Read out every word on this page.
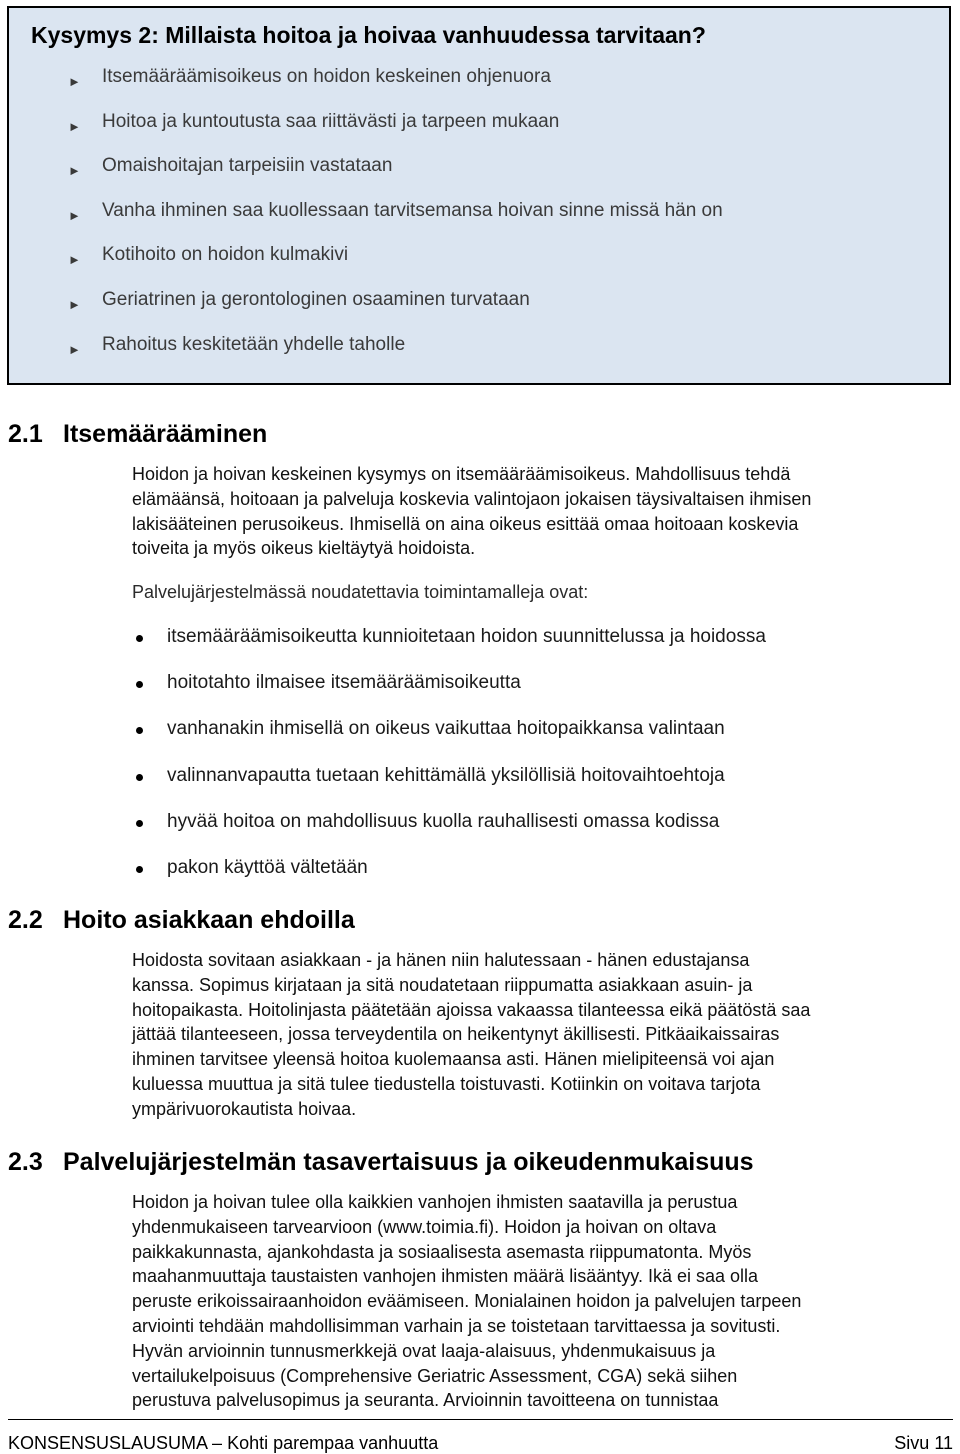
Kysymys 2: Millaista hoitoa ja hoivaa vanhuudessa tarvitaan?
► Itsemääräämisoikeus on hoidon keskeinen ohjenuora
► Hoitoa ja kuntoutusta saa riittävästi ja tarpeen mukaan
► Omaishoitajan tarpeisiin vastataan
► Vanha ihminen saa kuollessaan tarvitsemansa hoivan sinne missä hän on
► Kotihoito on hoidon kulmakivi
► Geriatrinen ja gerontologinen osaaminen turvataan
► Rahoitus keskitetään yhdelle taholle
2.1 Itsemäärääminen

Hoidon ja hoivan keskeinen kysymys on itsemääräämisoikeus. Mahdollisuus tehdä
elämäänsä, hoitoaan ja palveluja koskevia valintojaon jokaisen täysivaltaisen ihmisen
lakisääteinen perusoikeus. Ihmisellä on aina oikeus esittää omaa hoitoaan koskevia
toiveita ja myös oikeus kieltäytyä hoidoista.

Palvelujärjestelmässä noudatettavia toimintamalleja ovat:

itsemääräämisoikeutta kunnioitetaan hoidon suunnittelussa ja hoidossa
hoitotahto ilmaisee itsemääräämisoikeutta
vanhanakin ihmisellä on oikeus vaikuttaa hoitopaikkansa valintaan
valinnanvapautta tuetaan kehittämällä yksilöllisiä hoitovaihtoehtoja
hyvää hoitoa on mahdollisuus kuolla rauhallisesti omassa kodissa
pakon käyttöä vältetään
2.2 Hoito asiakkaan ehdoilla

Hoidosta sovitaan asiakkaan - ja hänen niin halutessaan - hänen edustajansa
kanssa. Sopimus kirjataan ja sitä noudatetaan riippumatta asiakkaan asuin- ja
hoitopaikasta. Hoitolinjasta päätetään ajoissa vakaassa tilanteessa eikä päätöstä saa
jättää tilanteeseen, jossa terveydentila on heikentynyt äkillisesti. Pitkäaikaissairas
ihminen tarvitsee yleensä hoitoa kuolemaansa asti. Hänen mielipiteensä voi ajan
kuluessa muuttua ja sitä tulee tiedustella toistuvasti. Kotiinkin on voitava tarjota
ympärivuorokautista hoivaa.

2.3 Palvelujärjestelmän tasavertaisuus ja oikeudenmukaisuus

Hoidon ja hoivan tulee olla kaikkien vanhojen ihmisten saatavilla ja perustua
yhdenmukaiseen tarvearvioon (www.toimia.fi). Hoidon ja hoivan on oltava
paikkakunnasta, ajankohdasta ja sosiaalisesta asemasta riippumatonta. Myös
maahanmuuttaja taustaisten vanhojen ihmisten määrä lisääntyy. Ikä ei saa olla
peruste erikoissairaanhoidon eväämiseen. Monialainen hoidon ja palvelujen tarpeen
arviointi tehdään mahdollisimman varhain ja se toistetaan tarvittaessa ja sovitusti.
Hyvän arvioinnin tunnusmerkkejä ovat laaja-alaisuus, yhdenmukaisuus ja
vertailukelpoisuus (Comprehensive Geriatric Assessment, CGA) sekä siihen
perustuva palvelusopimus ja seuranta. Arvioinnin tavoitteena on tunnistaa

KONSENSUSLAUSUMA – Kohti parempaa vanhuutta	Sivu 11
